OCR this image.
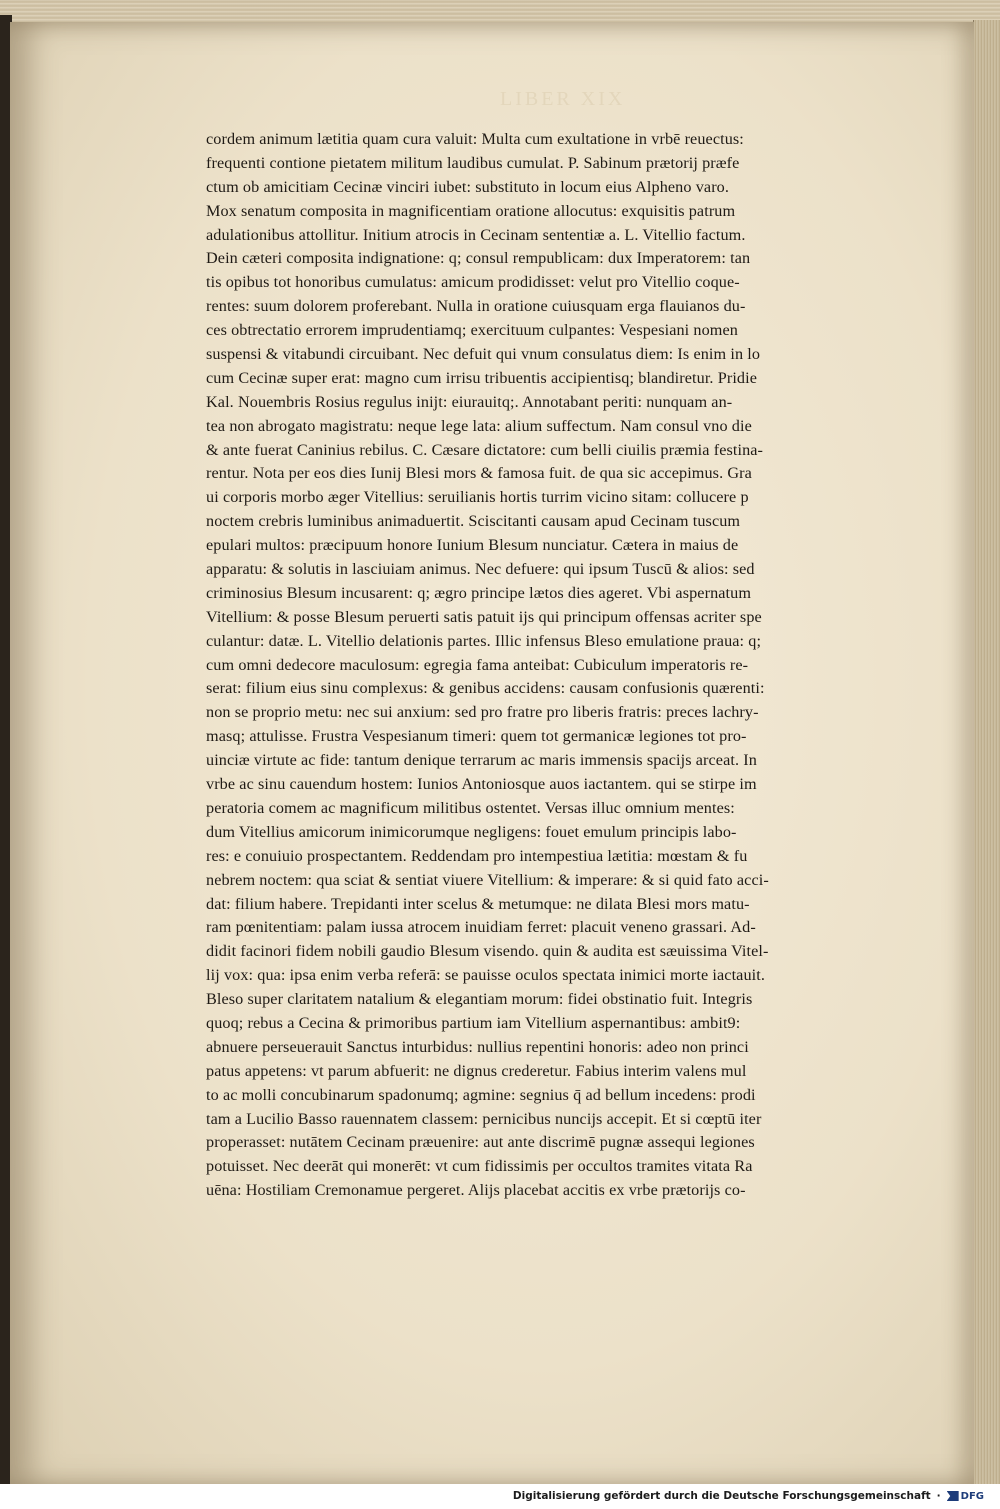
LIBER XIX
cordem animum lætitia quam cura valuit: Multa cum exultatione in vrbē reuectus:
frequenti contione pietatem militum laudibus cumulat. P. Sabinum prætorij præfe
ctum ob amicitiam Cecinæ vinciri iubet: substituto in locum eius Alpheno varo.
Mox senatum composita in magnificentiam oratione allocutus: exquisitis patrum
adulationibus attollitur. Initium atrocis in Cecinam sententiæ a. L. Vitellio factum.
Dein cæteri composita indignatione: q; consul rempublicam: dux Imperatorem: tan
tis opibus tot honoribus cumulatus: amicum prodidisset: velut pro Vitellio coque-
rentes: suum dolorem proferebant. Nulla in oratione cuiusquam erga flauianos du-
ces obtrectatio errorem imprudentiamq; exercituum culpantes: Vespesiani nomen
suspensi & vitabundi circuibant. Nec defuit qui vnum consulatus diem: Is enim in lo
cum Cecinæ super erat: magno cum irrisu tribuentis accipientisq; blandiretur. Pridie
Kal. Nouembris Rosius regulus inijt: eiurauitq;. Annotabant periti: nunquam an-
tea non abrogato magistratu: neque lege lata: alium suffectum. Nam consul vno die
& ante fuerat Caninius rebilus. C. Cæsare dictatore: cum belli ciuilis præmia festina-
rentur. Nota per eos dies Iunij Blesi mors & famosa fuit. de qua sic accepimus. Gra
ui corporis morbo æger Vitellius: seruilianis hortis turrim vicino sitam: collucere p
noctem crebris luminibus animaduertit. Sciscitanti causam apud Cecinam tuscum
epulari multos: præcipuum honore Iunium Blesum nunciatur. Cætera in maius de
apparatu: & solutis in lasciuiam animus. Nec defuere: qui ipsum Tuscū & alios: sed
criminosius Blesum incusarent: q; ægro principe lætos dies ageret. Vbi aspernatum
Vitellium: & posse Blesum peruerti satis patuit ijs qui principum offensas acriter spe
culantur: datæ. L. Vitellio delationis partes. Illic infensus Bleso emulatione praua: q;
cum omni dedecore maculosum: egregia fama anteibat: Cubiculum imperatoris re-
serat: filium eius sinu complexus: & genibus accidens: causam confusionis quærenti:
non se proprio metu: nec sui anxium: sed pro fratre pro liberis fratris: preces lachry-
masq; attulisse. Frustra Vespesianum timeri: quem tot germanicæ legiones tot pro-
uinciæ virtute ac fide: tantum denique terrarum ac maris immensis spacijs arceat. In
vrbe ac sinu cauendum hostem: Iunios Antoniosque auos iactantem. qui se stirpe im
peratoria comem ac magnificum militibus ostentet. Versas illuc omnium mentes:
dum Vitellius amicorum inimicorumque negligens: fouet emulum principis labo-
res: e conuiuio prospectantem. Reddendam pro intempestiua lætitia: mœstam & fu
nebrem noctem: qua sciat & sentiat viuere Vitellium: & imperare: & si quid fato acci-
dat: filium habere. Trepidanti inter scelus & metumque: ne dilata Blesi mors matu-
ram pœnitentiam: palam iussa atrocem inuidiam ferret: placuit veneno grassari. Ad-
didit facinori fidem nobili gaudio Blesum visendo. quin & audita est sæuissima Vitel-
lij vox: qua: ipsa enim verba referā: se pauisse oculos spectata inimici morte iactauit.
Bleso super claritatem natalium & elegantiam morum: fidei obstinatio fuit. Integris
quoq; rebus a Cecina & primoribus partium iam Vitellium aspernantibus: ambit9:
abnuere perseuerauit Sanctus inturbidus: nullius repentini honoris: adeo non princi
patus appetens: vt parum abfuerit: ne dignus crederetur. Fabius interim valens mul
to ac molli concubinarum spadonumq; agmine: segnius q̄ ad bellum incedens: prodi
tam a Lucilio Basso rauennatem classem: pernicibus nuncijs accepit. Et si cœptū iter
properasset: nutātem Cecinam præuenire: aut ante discrimē pugnæ assequi legiones
potuisset. Nec deerāt qui monerēt: vt cum fidissimis per occultos tramites vitata Ra
uēna: Hostiliam Cremonamue pergeret. Alijs placebat accitis ex vrbe prætorijs co-
Digitalisierung gefördert durch die Deutsche Forschungsgemeinschaft · DFG
